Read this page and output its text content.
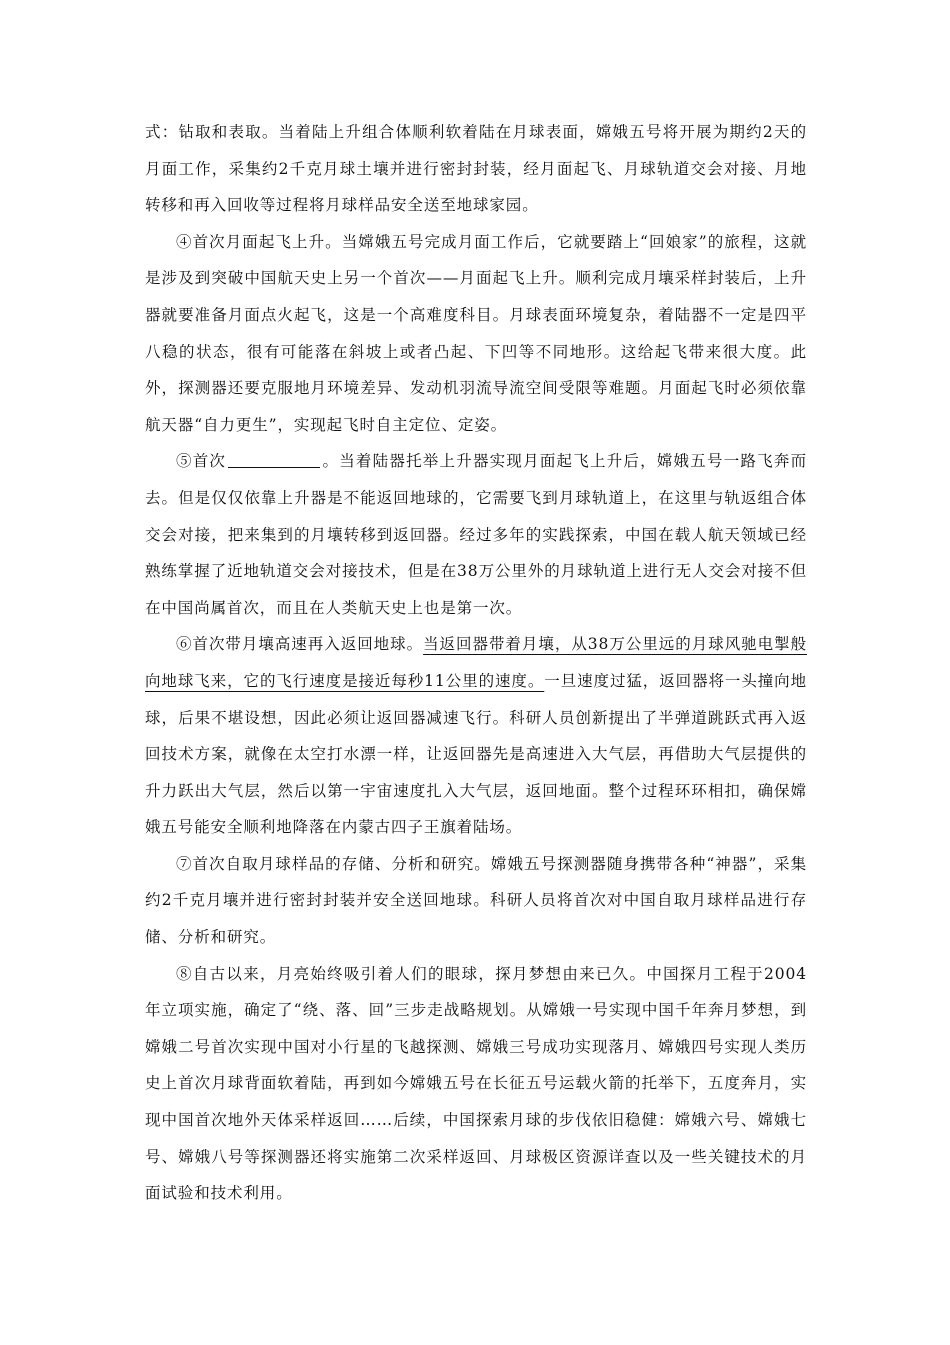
式：钻取和表取。当着陆上升组合体顺利软着陆在月球表面，嫦娥五号将开展为期约2天的月面工作，采集约2千克月球土壤并进行密封封装，经月面起飞、月球轨道交会对接、月地转移和再入回收等过程将月球样品安全送至地球家园。

④首次月面起飞上升。当嫦娥五号完成月面工作后，它就要踏上“回娘家”的旅程，这就是涉及到突破中国航天史上另一个首次——月面起飞上升。顺利完成月壤采样封装后，上升器就要准备月面点火起飞，这是一个高难度科目。月球表面环境复杂，着陆器不一定是四平八稳的状态，很有可能落在斜坡上或者凸起、下凹等不同地形。这给起飞带来很大度。此外，探测器还要克服地月环境差异、发动机羽流导流空间受限等难题。月面起飞时必须依靠航天器“自力更生”，实现起飞时自主定位、定姿。

⑤首次	。当着陆器托举上升器实现月面起飞上升后，嫦娥五号一路飞奔而去。但是仅仅依靠上升器是不能返回地球的，它需要飞到月球轨道上，在这里与轨返组合体交会对接，把来集到的月壤转移到返回器。经过多年的实践探索，中国在载人航天领域已经熟练掌握了近地轨道交会对接技术，但是在38万公里外的月球轨道上进行无人交会对接不但在中国尚属首次，而且在人类航天史上也是第一次。

⑥首次带月壤高速再入返回地球。当返回器带着月壤，从38万公里远的月球风驰电掣般向地球飞来，它的飞行速度是接近每秒11公里的速度。一旦速度过猛，返回器将一头撞向地球，后果不堪设想，因此必须让返回器减速飞行。科研人员创新提出了半弹道跳跃式再入返回技术方案，就像在太空打水漂一样，让返回器先是高速进入大气层，再借助大气层提供的升力跃出大气层，然后以第一宇宙速度扎入大气层，返回地面。整个过程环环相扣，确保嫦娥五号能安全顺利地降落在内蒙古四子王旗着陆场。

⑦首次自取月球样品的存储、分析和研究。嫦娥五号探测器随身携带各种“神器”，采集约2千克月壤并进行密封封装并安全送回地球。科研人员将首次对中国自取月球样品进行存储、分析和研究。

⑧自古以来，月亮始终吸引着人们的眼球，探月梦想由来已久。中国探月工程于2004年立项实施，确定了“绕、落、回”三步走战略规划。从嫦娥一号实现中国千年奔月梦想，到嫦娥二号首次实现中国对小行星的飞越探测、嫦娥三号成功实现落月、嫦娥四号实现人类历史上首次月球背面软着陆，再到如今嫦娥五号在长征五号运载火箭的托举下，五度奔月，实现中国首次地外天体采样返回……后续，中国探索月球的步伐依旧稳健：嫦娥六号、嫦娥七号、嫦娥八号等探测器还将实施第二次采样返回、月球极区资源详查以及一些关键技术的月面试验和技术利用。
